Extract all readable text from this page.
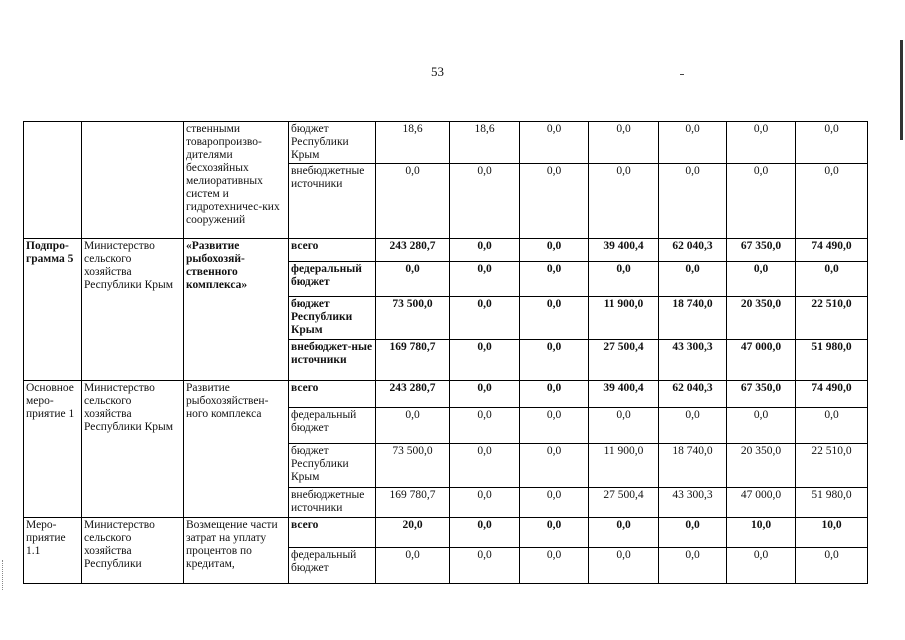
53
		ственными товаропроизво-дителями бесхозяйных мелиоративных систем и гидротехничес-ких сооружений	бюджет Республики Крым	18,6	18,6	0,0	0,0	0,0	0,0	0,0
			внебюджетные источники	0,0	0,0	0,0	0,0	0,0	0,0	0,0
Подпро-грамма 5	Министерство сельского хозяйства Республики Крым	«Развитие рыбохозяй-ственного комплекса»	всего	243 280,7	0,0	0,0	39 400,4	62 040,3	67 350,0	74 490,0
			федеральный бюджет	0,0	0,0	0,0	0,0	0,0	0,0	0,0
			бюджет Республики Крым	73 500,0	0,0	0,0	11 900,0	18 740,0	20 350,0	22 510,0
			внебюджет-ные источники	169 780,7	0,0	0,0	27 500,4	43 300,3	47 000,0	51 980,0
Основное меро-приятие 1	Министерство сельского хозяйства Республики Крым	Развитие рыбохозяйствен-ного комплекса	всего	243 280,7	0,0	0,0	39 400,4	62 040,3	67 350,0	74 490,0
			федеральный бюджет	0,0	0,0	0,0	0,0	0,0	0,0	0,0
			бюджет Республики Крым	73 500,0	0,0	0,0	11 900,0	18 740,0	20 350,0	22 510,0
			внебюджетные источники	169 780,7	0,0	0,0	27 500,4	43 300,3	47 000,0	51 980,0
Меро-приятие 1.1	Министерство сельского хозяйства Республики	Возмещение части затрат на уплату процентов по кредитам,	всего	20,0	0,0	0,0	0,0	0,0	10,0	10,0
			федеральный бюджет	0,0	0,0	0,0	0,0	0,0	0,0	0,0
